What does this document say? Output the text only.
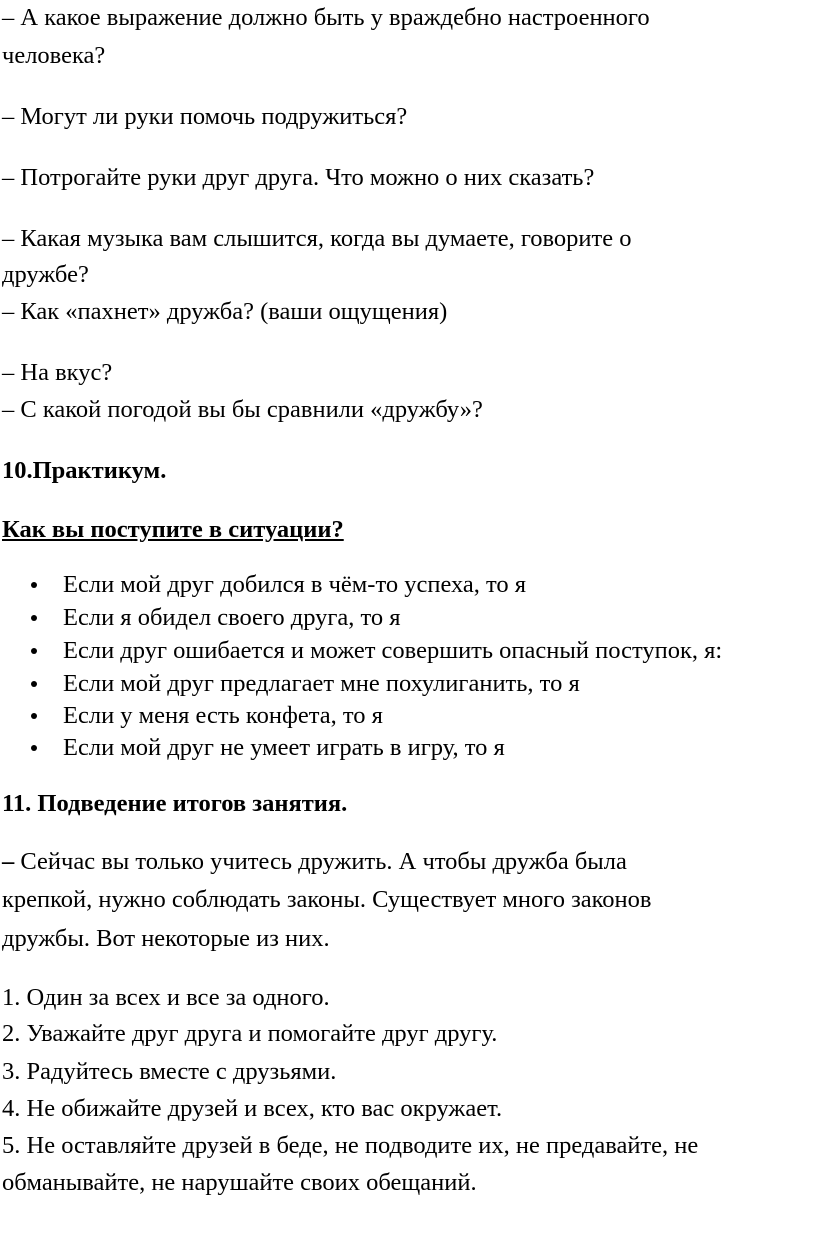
– А какое выражение должно быть у враждебно настроенного
человека?
– Могут ли руки помочь подружиться?
– Потрогайте руки друг друга. Что можно о них сказать?
– Какая музыка вам слышится, когда вы думаете, говорите о
дружбе?
– Как «пахнет» дружба? (ваши ощущения)
– На вкус?
– С какой погодой вы бы сравнили «дружбу»?
10.Практикум.
Как вы поступите в ситуации?
Если мой друг добился в чём-то успеха, то я
Если я обидел своего друга, то я
Если друг ошибается и может совершить опасный поступок, я:
Если мой друг предлагает мне похулиганить, то я
Если у меня есть конфета, то я
Если мой друг не умеет играть в игру, то я
11. Подведение итогов занятия.
– Сейчас вы только учитесь дружить. А чтобы дружба была
крепкой, нужно соблюдать законы. Существует много законов
дружбы. Вот некоторые из них.
1. Один за всех и все за одного.
2. Уважайте друг друга и помогайте друг другу.
3. Радуйтесь вместе с друзьями.
4. Не обижайте друзей и всех, кто вас окружает.
5. Не оставляйте друзей в беде, не подводите их, не предавайте, не
обманывайте, не нарушайте своих обещаний.
